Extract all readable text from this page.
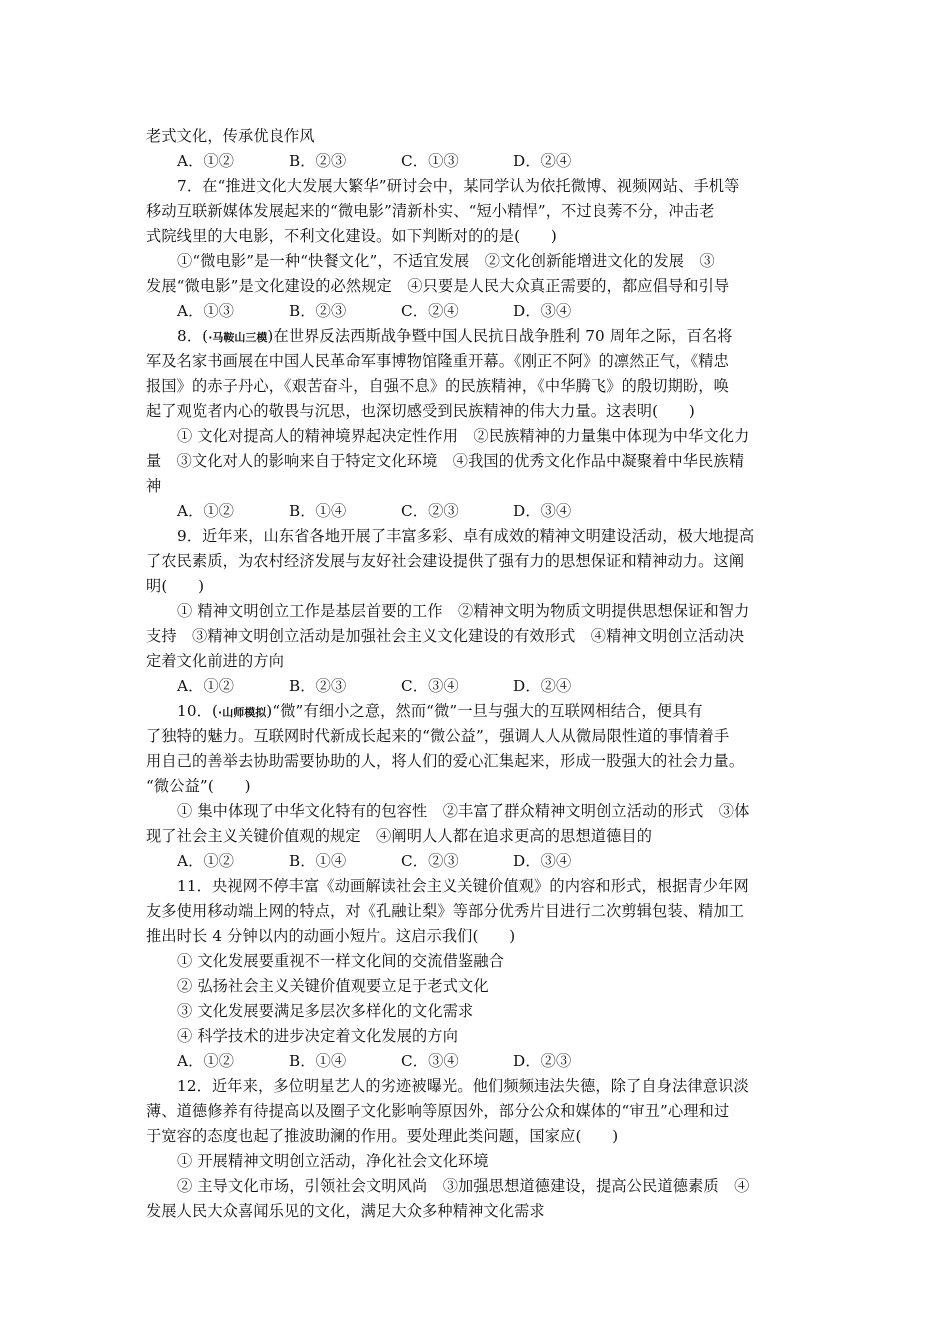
老式文化，传承优良作风
A．①②	B．②③	C．①③	D．②④
7．在“推进文化大发展大繁华”研讨会中，某同学认为依托微博、视频网站、手机等
移动互联新媒体发展起来的“微电影”清新朴实、“短小精悍”，不过良莠不分，冲击老
式院线里的大电影，不利文化建设。如下判断对的的是(　　)
①“微电影”是一种“快餐文化”，不适宜发展　②文化创新能增进文化的发展　③
发展“微电影”是文化建设的必然规定　④只要是人民大众真正需要的，都应倡导和引导
A．①③	B．②③	C．②④	D．③④
8．(·马鞍山三模)在世界反法西斯战争暨中国人民抗日战争胜利 70 周年之际，百名将
军及名家书画展在中国人民革命军事博物馆隆重开幕。《刚正不阿》的凛然正气，《精忠
报国》的赤子丹心，《艰苦奋斗，自强不息》的民族精神，《中华腾飞》的殷切期盼，唤
起了观览者内心的敬畏与沉思，也深切感受到民族精神的伟大力量。这表明(　　)
① 文化对提高人的精神境界起决定性作用　②民族精神的力量集中体现为中华文化力
量　③文化对人的影响来自于特定文化环境　④我国的优秀文化作品中凝聚着中华民族精
神
A．①②	B．①④	C．②③	D．③④
9．近年来，山东省各地开展了丰富多彩、卓有成效的精神文明建设活动，极大地提高
了农民素质，为农村经济发展与友好社会建设提供了强有力的思想保证和精神动力。这阐
明(　　)
① 精神文明创立工作是基层首要的工作　②精神文明为物质文明提供思想保证和智力
支持　③精神文明创立活动是加强社会主义文化建设的有效形式　④精神文明创立活动决
定着文化前进的方向
A．①②	B．②③	C．③④	D．②④
10．(·山师模拟)“微”有细小之意，然而“微”一旦与强大的互联网相结合，便具有
了独特的魅力。互联网时代新成长起来的“微公益”，强调人人从微局限性道的事情着手
用自己的善举去协助需要协助的人，将人们的爱心汇集起来，形成一股强大的社会力量。
“微公益”(　　)
① 集中体现了中华文化特有的包容性　②丰富了群众精神文明创立活动的形式　③体
现了社会主义关键价值观的规定　④阐明人人都在追求更高的思想道德目的
A．①②	B．①④	C．②③	D．③④
11．央视网不停丰富《动画解读社会主义关键价值观》的内容和形式，根据青少年网
友多使用移动端上网的特点，对《孔融让梨》等部分优秀片目进行二次剪辑包装、精加工
推出时长 4 分钟以内的动画小短片。这启示我们(　　)
① 文化发展要重视不一样文化间的交流借鉴融合
② 弘扬社会主义关键价值观要立足于老式文化
③ 文化发展要满足多层次多样化的文化需求
④ 科学技术的进步决定着文化发展的方向
A．①②	B．①④	C．③④	D．②③
12．近年来，多位明星艺人的劣迹被曝光。他们频频违法失德，除了自身法律意识淡
薄、道德修养有待提高以及圈子文化影响等原因外，部分公众和媒体的“审丑”心理和过
于宽容的态度也起了推波助澜的作用。要处理此类问题，国家应(　　)
① 开展精神文明创立活动，净化社会文化环境
② 主导文化市场，引领社会文明风尚　③加强思想道德建设，提高公民道德素质　④
发展人民大众喜闻乐见的文化，满足大众多种精神文化需求
